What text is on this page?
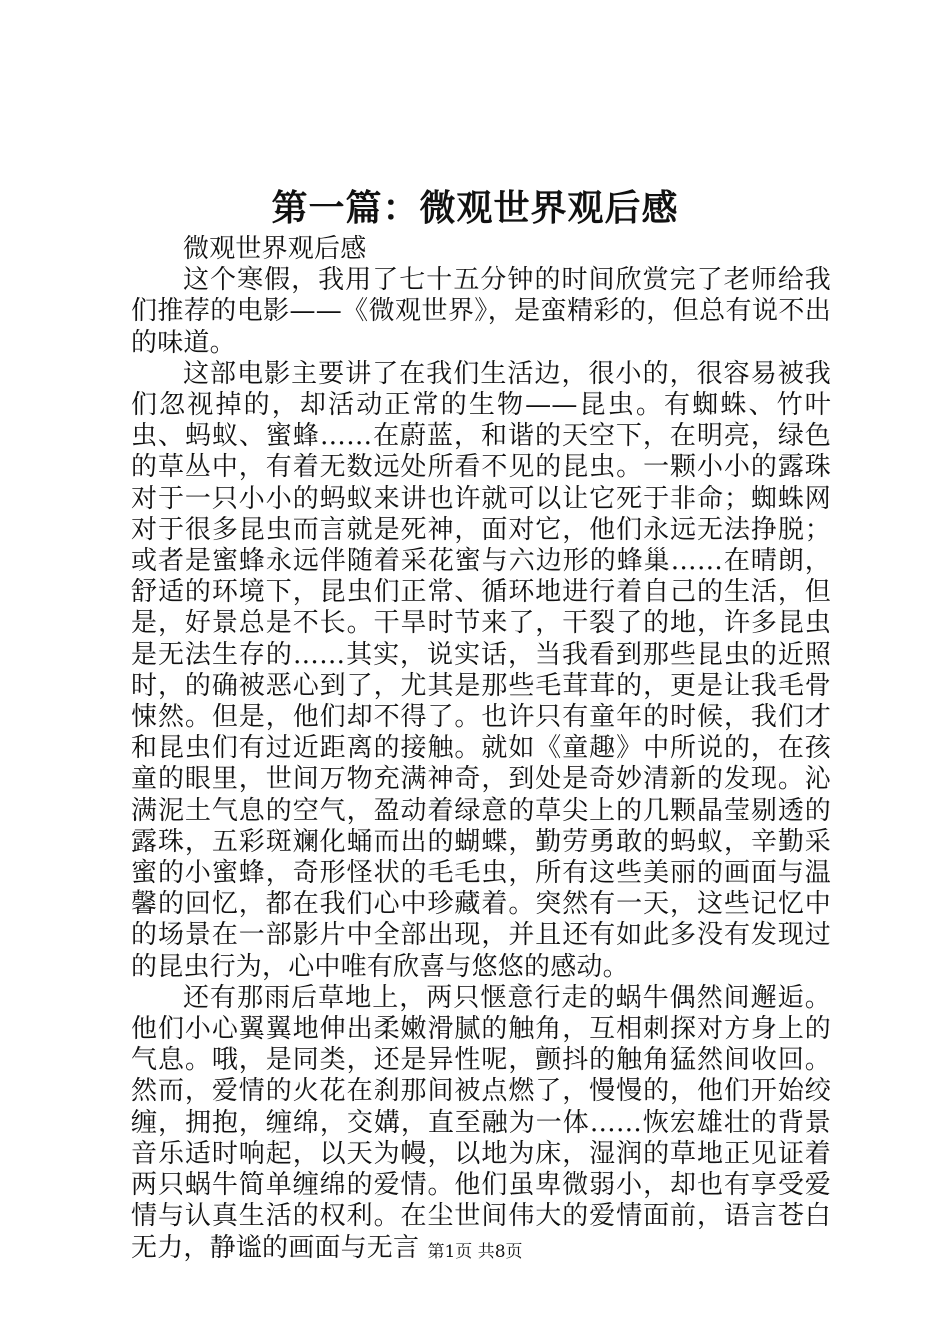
第一篇：微观世界观后感

微观世界观后感

这个寒假，我用了七十五分钟的时间欣赏完了老师给我们推荐的电影——《微观世界》，是蛮精彩的，但总有说不出的味道。

这部电影主要讲了在我们生活边，很小的，很容易被我们忽视掉的，却活动正常的生物——昆虫。有蜘蛛、竹叶虫、蚂蚁、蜜蜂……在蔚蓝，和谐的天空下，在明亮，绿色的草丛中，有着无数远处所看不见的昆虫。一颗小小的露珠对于一只小小的蚂蚁来讲也许就可以让它死于非命；蜘蛛网对于很多昆虫而言就是死神，面对它，他们永远无法挣脱；或者是蜜蜂永远伴随着采花蜜与六边形的蜂巢……在晴朗，舒适的环境下，昆虫们正常、循环地进行着自己的生活，但是，好景总是不长。干旱时节来了，干裂了的地，许多昆虫是无法生存的……其实，说实话，当我看到那些昆虫的近照时，的确被恶心到了，尤其是那些毛茸茸的，更是让我毛骨悚然。但是，他们却不得了。也许只有童年的时候，我们才和昆虫们有过近距离的接触。就如《童趣》中所说的，在孩童的眼里，世间万物充满神奇，到处是奇妙清新的发现。沁满泥土气息的空气，盈动着绿意的草尖上的几颗晶莹剔透的露珠，五彩斑斓化蛹而出的蝴蝶，勤劳勇敢的蚂蚁，辛勤采蜜的小蜜蜂，奇形怪状的毛毛虫，所有这些美丽的画面与温馨的回忆，都在我们心中珍藏着。突然有一天，这些记忆中的场景在一部影片中全部出现，并且还有如此多没有发现过的昆虫行为，心中唯有欣喜与悠悠的感动。

还有那雨后草地上，两只惬意行走的蜗牛偶然间邂逅。他们小心翼翼地伸出柔嫩滑腻的触角，互相刺探对方身上的气息。哦，是同类，还是异性呢，颤抖的触角猛然间收回。然而，爱情的火花在刹那间被点燃了，慢慢的，他们开始绞缠，拥抱，缠绵，交媾，直至融为一体……恢宏雄壮的背景音乐适时响起，以天为幔，以地为床，湿润的草地正见证着两只蜗牛简单缠绵的爱情。他们虽卑微弱小，却也有享受爱情与认真生活的权利。在尘世间伟大的爱情面前，语言苍白无力，静谧的画面与无言 第1页 共8页
